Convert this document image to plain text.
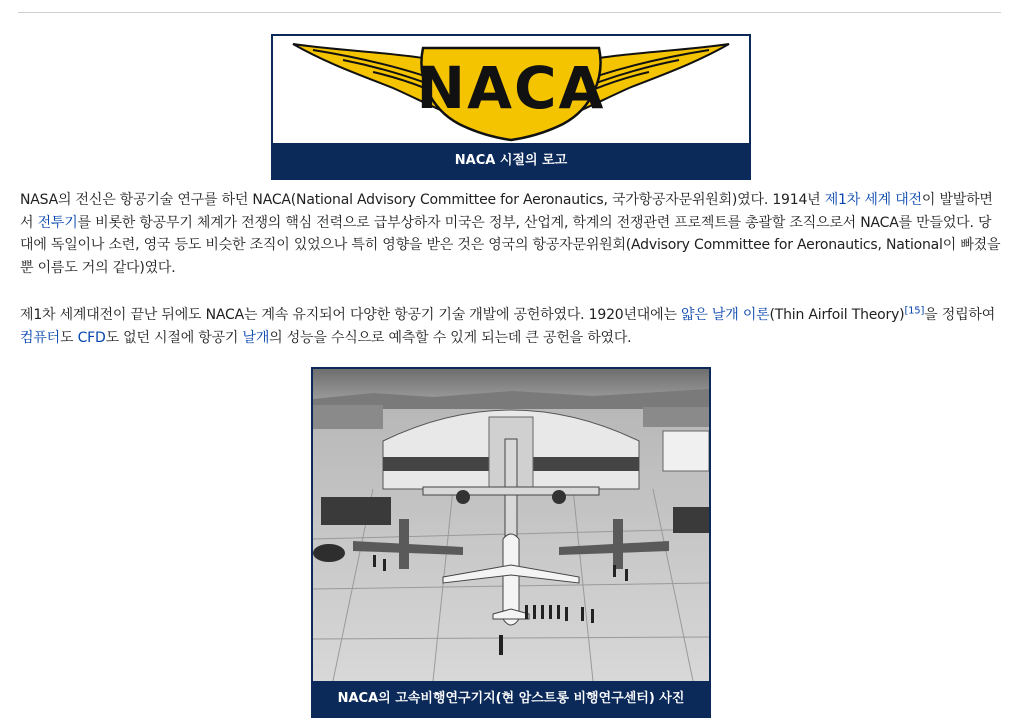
NACA
NACA 시절의 로고

NASA의 전신은 항공기술 연구를 하던 NACA(National Advisory Committee for Aeronautics, 국가항공자문위원회)였다. 1914년 제1차 세계 대전이 발발하면서 전투기를 비롯한 항공무기 체계가 전쟁의 핵심 전력으로 급부상하자 미국은 정부, 산업계, 학계의 전쟁관련 프로젝트를 총괄할 조직으로서 NACA를 만들었다. 당대에 독일이나 소련, 영국 등도 비슷한 조직이 있었으나 특히 영향을 받은 것은 영국의 항공자문위원회(Advisory Committee for Aeronautics, National이 빠졌을 뿐 이름도 거의 같다)였다.

제1차 세계대전이 끝난 뒤에도 NACA는 계속 유지되어 다양한 항공기 기술 개발에 공헌하였다. 1920년대에는 얇은 날개 이론(Thin Airfoil Theory)[15]을 정립하여 컴퓨터도 CFD도 없던 시절에 항공기 날개의 성능을 수식으로 예측할 수 있게 되는데 큰 공헌을 하였다.

NACA의 고속비행연구기지(현 암스트롱 비행연구센터) 사진
